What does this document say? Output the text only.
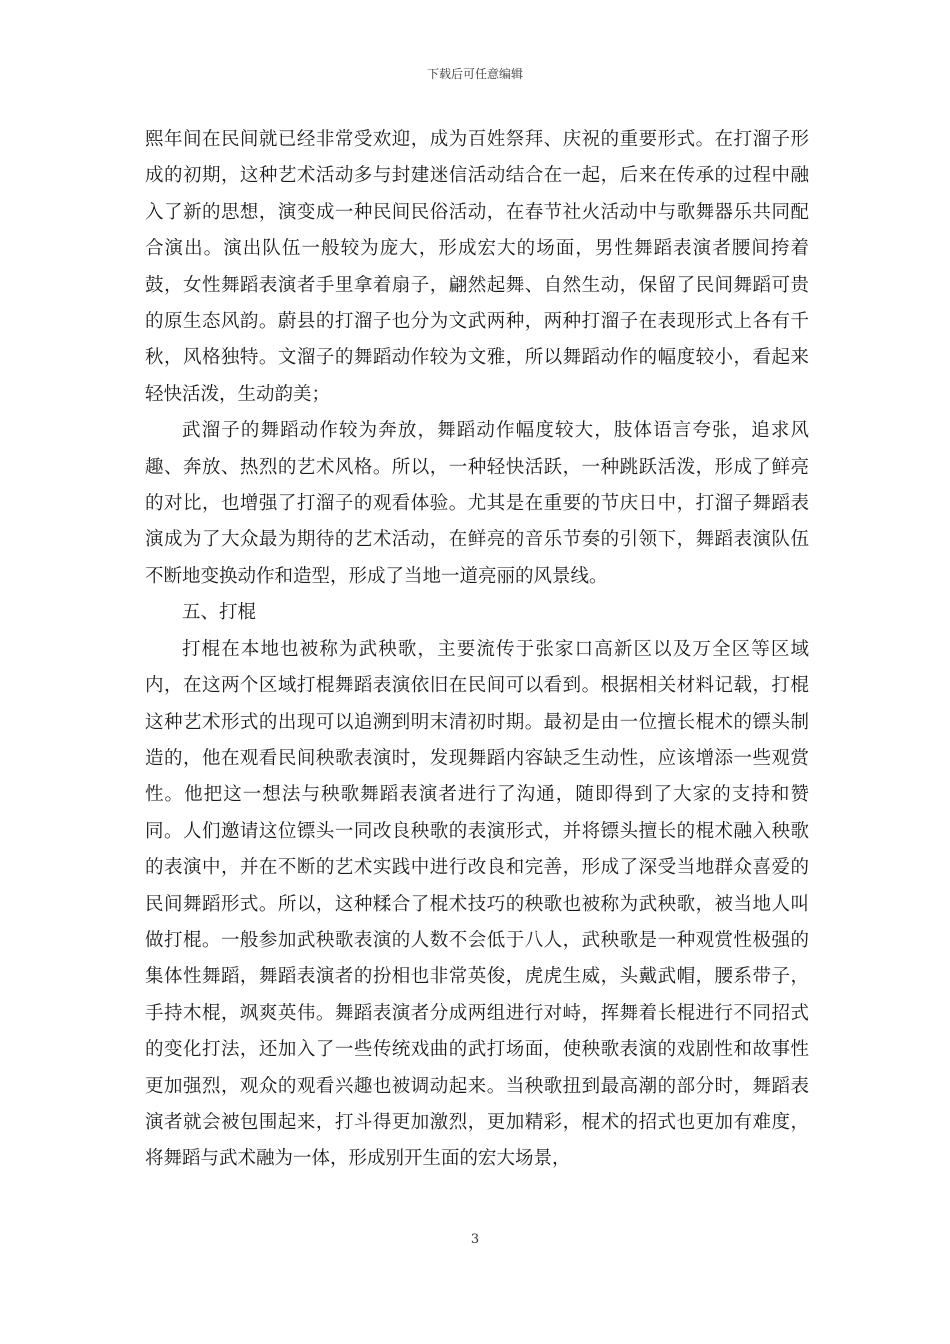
下载后可任意编辑

熙年间在民间就已经非常受欢迎，成为百姓祭拜、庆祝的重要形式。在打溜子形成的初期，这种艺术活动多与封建迷信活动结合在一起，后来在传承的过程中融入了新的思想，演变成一种民间民俗活动，在春节社火活动中与歌舞器乐共同配合演出。演出队伍一般较为庞大，形成宏大的场面，男性舞蹈表演者腰间挎着鼓，女性舞蹈表演者手里拿着扇子，翩然起舞、自然生动，保留了民间舞蹈可贵的原生态风韵。蔚县的打溜子也分为文武两种，两种打溜子在表现形式上各有千秋，风格独特。文溜子的舞蹈动作较为文雅，所以舞蹈动作的幅度较小，看起来轻快活泼，生动韵美；

武溜子的舞蹈动作较为奔放，舞蹈动作幅度较大，肢体语言夸张，追求风趣、奔放、热烈的艺术风格。所以，一种轻快活跃，一种跳跃活泼，形成了鲜亮的对比，也增强了打溜子的观看体验。尤其是在重要的节庆日中，打溜子舞蹈表演成为了大众最为期待的艺术活动，在鲜亮的音乐节奏的引领下，舞蹈表演队伍不断地变换动作和造型，形成了当地一道亮丽的风景线。

五、打棍

打棍在本地也被称为武秧歌，主要流传于张家口高新区以及万全区等区域内，在这两个区域打棍舞蹈表演依旧在民间可以看到。根据相关材料记载，打棍这种艺术形式的出现可以追溯到明末清初时期。最初是由一位擅长棍术的镖头制造的，他在观看民间秧歌表演时，发现舞蹈内容缺乏生动性，应该增添一些观赏性。他把这一想法与秧歌舞蹈表演者进行了沟通，随即得到了大家的支持和赞同。人们邀请这位镖头一同改良秧歌的表演形式，并将镖头擅长的棍术融入秧歌的表演中，并在不断的艺术实践中进行改良和完善，形成了深受当地群众喜爱的民间舞蹈形式。所以，这种糅合了棍术技巧的秧歌也被称为武秧歌，被当地人叫做打棍。一般参加武秧歌表演的人数不会低于八人，武秧歌是一种观赏性极强的集体性舞蹈，舞蹈表演者的扮相也非常英俊，虎虎生威，头戴武帽，腰系带子，手持木棍，飒爽英伟。舞蹈表演者分成两组进行对峙，挥舞着长棍进行不同招式的变化打法，还加入了一些传统戏曲的武打场面，使秧歌表演的戏剧性和故事性更加强烈，观众的观看兴趣也被调动起来。当秧歌扭到最高潮的部分时，舞蹈表演者就会被包围起来，打斗得更加激烈，更加精彩，棍术的招式也更加有难度，将舞蹈与武术融为一体，形成别开生面的宏大场景，

3
